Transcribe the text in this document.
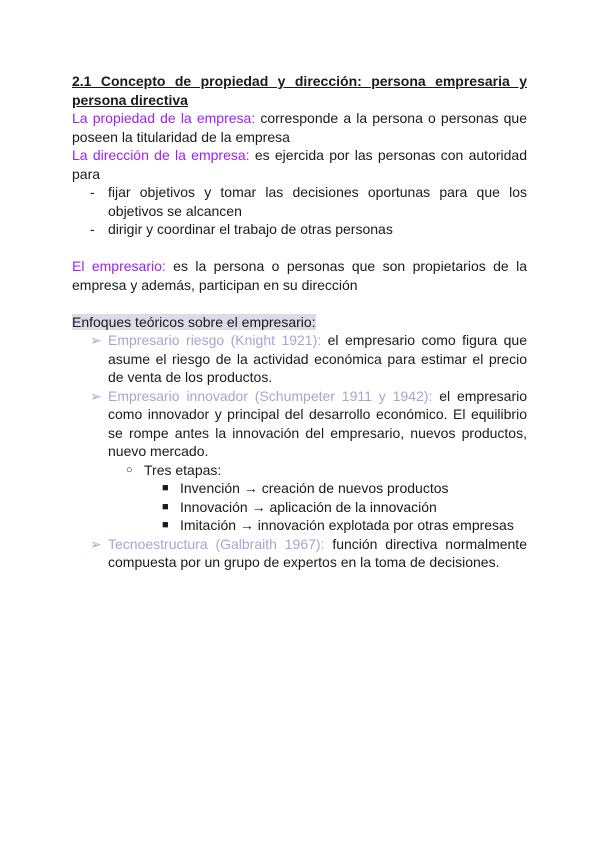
2.1 Concepto de propiedad y dirección: persona empresaria y
persona directiva

La propiedad de la empresa: corresponde a la persona o personas que poseen la titularidad de la empresa

La dirección de la empresa: es ejercida por las personas con autoridad para

- fijar objetivos y tomar las decisiones oportunas para que los objetivos se alcancen
- dirigir y coordinar el trabajo de otras personas

El empresario: es la persona o personas que son propietarios de la empresa y además, participan en su dirección

Enfoques teóricos sobre el empresario:

➢ Empresario riesgo (Knight 1921): el empresario como figura que asume el riesgo de la actividad económica para estimar el precio de venta de los productos.
➢ Empresario innovador (Schumpeter 1911 y 1942): el empresario como innovador y principal del desarrollo económico. El equilibrio se rompe antes la innovación del empresario, nuevos productos, nuevo mercado.
○ Tres etapas:
■ Invención → creación de nuevos productos
■ Innovación → aplicación de la innovación
■ Imitación → innovación explotada por otras empresas
➢ Tecnoestructura (Galbraith 1967): función directiva normalmente compuesta por un grupo de expertos en la toma de decisiones.
